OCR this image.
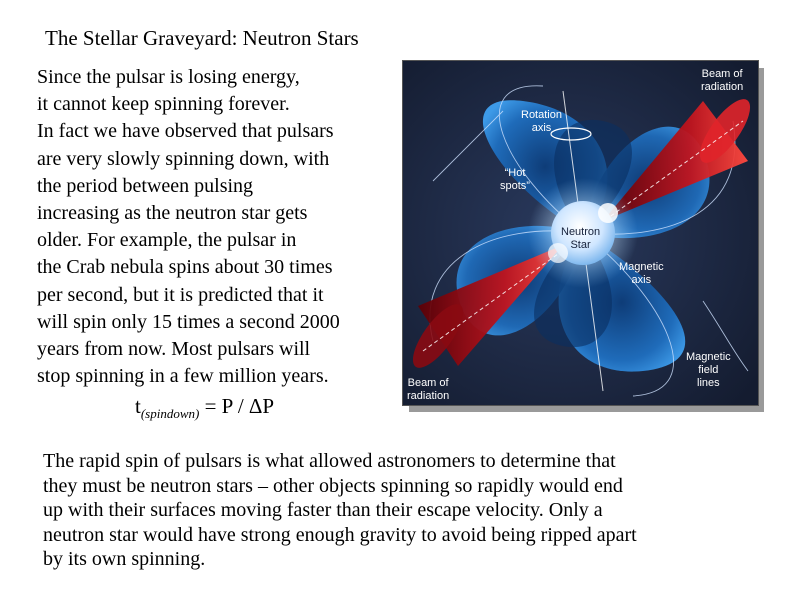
The Stellar Graveyard: Neutron Stars
Since the pulsar is losing energy,
it cannot keep spinning forever.
In fact we have observed that pulsars
are very slowly spinning down, with
the period between pulsing
increasing as the neutron star gets
older. For example, the pulsar in
the Crab nebula spins about 30 times
per second, but it is predicted that it
will spin only 15 times a second 2000
years from now. Most pulsars will
stop spinning in a few million years.
$t_{(spindown)} = P / \Delta P$
Beam of
radiation
Rotation
axis
“Hot
spots”
Neutron
Star
Magnetic
axis
Beam of
radiation
Magnetic
field
lines
The rapid spin of pulsars is what allowed astronomers to determine that
they must be neutron stars – other objects spinning so rapidly would end
up with their surfaces moving faster than their escape velocity. Only a
neutron star would have strong enough gravity to avoid being ripped apart
by its own spinning.
